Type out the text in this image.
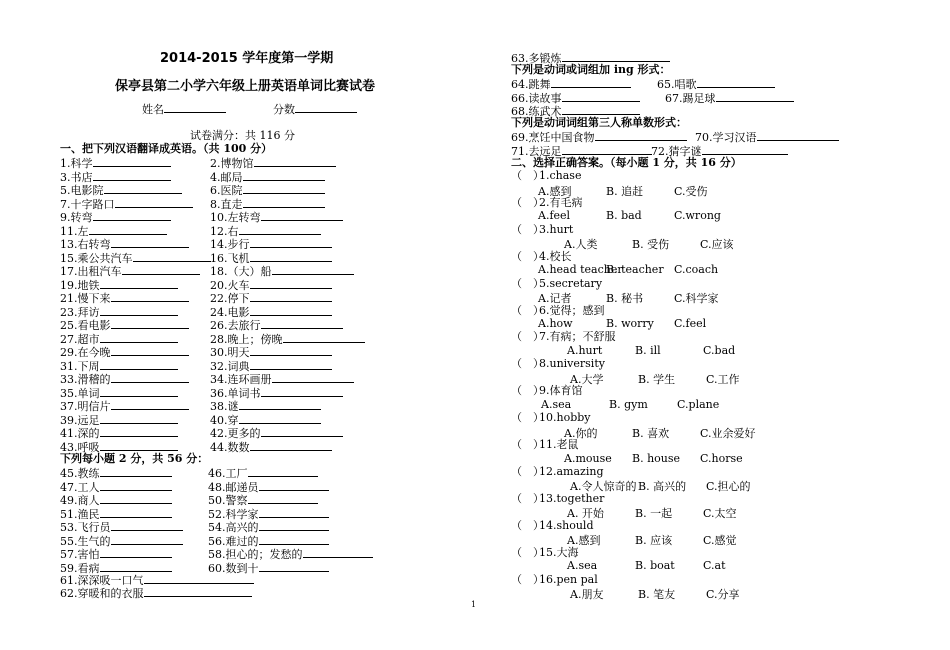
2014-2015 学年度第一学期
保亭县第二小学六年级上册英语单词比赛试卷
姓名	分数
试卷满分：共 116 分
一、把下列汉语翻译成英语。（共 100 分）
1.科学	2.博物馆
3.书店	4.邮局
5.电影院	6.医院
7.十字路口	8.直走
9.转弯	10.左转弯
11.左	12.右
13.右转弯	14.步行
15.乘公共汽车	16.飞机
17.出租汽车	18.（大）船
19.地铁	20.火车
21.慢下来	22.停下
23.拜访	24.电影
25.看电影	26.去旅行
27.超市	28.晚上；傍晚
29.在今晚	30.明天
31.下周	32.词典
33.滑稽的	34.连环画册
35.单词	36.单词书
37.明信片	38.谜
39.远足	40.穿
41.深的	42.更多的
43.呼吸	44.数数
下列每小题 2 分，共 56 分：
45.教练	46.工厂
47.工人	48.邮递员
49.商人	50.警察
51.渔民	52.科学家
53.飞行员	54.高兴的
55.生气的	56.难过的
57.害怕	58.担心的；发愁的
59.看病	60.数到十
61.深深吸一口气
62.穿暖和的衣服
63.多锻炼
下列是动词或词组加 ing 形式：
64.跳舞	65.唱歌
66.读故事	67.踢足球
68.练武术
下列是动词词组第三人称单数形式：
69.烹饪中国食物	70.学习汉语
71.去远足	72.猜字谜
二、选择正确答案。（每小题 1 分，共 16 分）
（　）1.chase
A.感到	B. 追赶	C.受伤
（　）2.有毛病
A.feel	B. bad	C.wrong
（　）3.hurt
A.人类	B. 受伤	C.应该
（　）4.校长
A.head teacher
B. teacher C.coach
（　）5.secretary
A.记者	B. 秘书	C.科学家
（　）6.觉得；感到
A.how	B. worry C.feel
（　）7.有病；不舒服
A.hurt	B. ill	C.bad
（　）8.university
A.大学	B. 学生	C.工作
（　）9.体育馆
A.sea	B. gym	C.plane
（　）10.hobby
A.你的	B. 喜欢	C.业余爱好
（　）11.老鼠
A.mouse B. house C.horse
（　）12.amazing
A.令人惊奇的 B. 高兴的 C.担心的
（　）13.together
A. 开始	B. 一起	C.太空
（　）14.should
A.感到	B. 应该	C.感觉
（　）15.大海
A.sea	B. boat	C.at
（　）16.pen pal
A.朋友	B. 笔友	C.分享
1
